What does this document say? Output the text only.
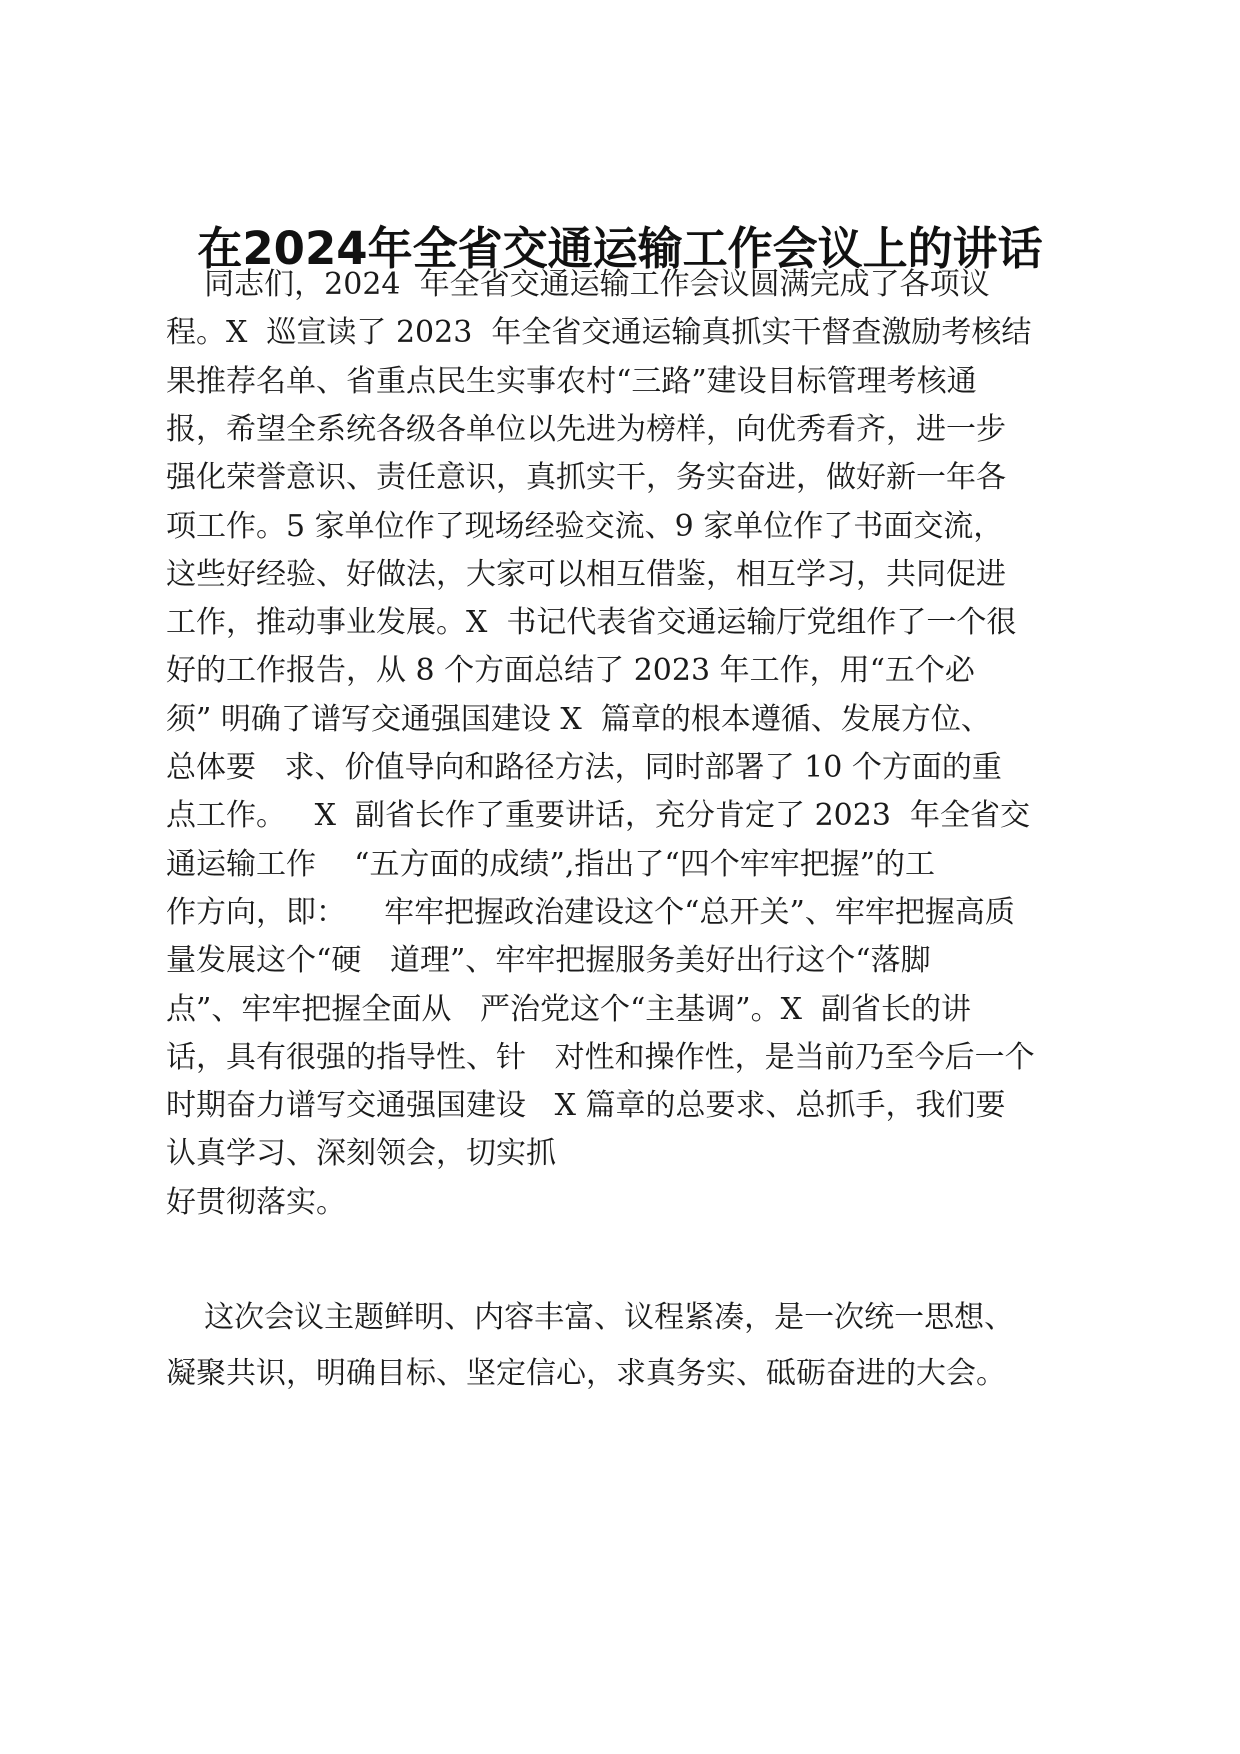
在2024年全省交通运输工作会议上的讲话
同志们，2024  年全省交通运输工作会议圆满完成了各项议
程。X  巡宣读了 2023  年全省交通运输真抓实干督查激励考核结
果推荐名单、省重点民生实事农村“三路”建设目标管理考核通
报，希望全系统各级各单位以先进为榜样，向优秀看齐，进一步
强化荣誉意识、责任意识，真抓实干，务实奋进，做好新一年各
项工作。5 家单位作了现场经验交流、9 家单位作了书面交流，
这些好经验、好做法，大家可以相互借鉴，相互学习，共同促进
工作，推动事业发展。X  书记代表省交通运输厅党组作了一个很
好的工作报告，从 8 个方面总结了 2023 年工作，用“五个必
须” 明确了谱写交通强国建设 X  篇章的根本遵循、发展方位、
总体要   求、价值导向和路径方法，同时部署了 10 个方面的重
点工作。   X  副省长作了重要讲话，充分肯定了 2023  年全省交
通运输工作    “五方面的成绩”,指出了“四个牢牢把握”的工
作方向，即：    牢牢把握政治建设这个“总开关”、牢牢把握高质
量发展这个“硬   道理”、牢牢把握服务美好出行这个“落脚
点”、牢牢把握全面从   严治党这个“主基调”。X  副省长的讲
话，具有很强的指导性、针   对性和操作性，是当前乃至今后一个
时期奋力谱写交通强国建设   X 篇章的总要求、总抓手，我们要
认真学习、深刻领会，切实抓
好贯彻落实。
这次会议主题鲜明、内容丰富、议程紧凑，是一次统一思想、
凝聚共识，明确目标、坚定信心，求真务实、砥砺奋进的大会。
